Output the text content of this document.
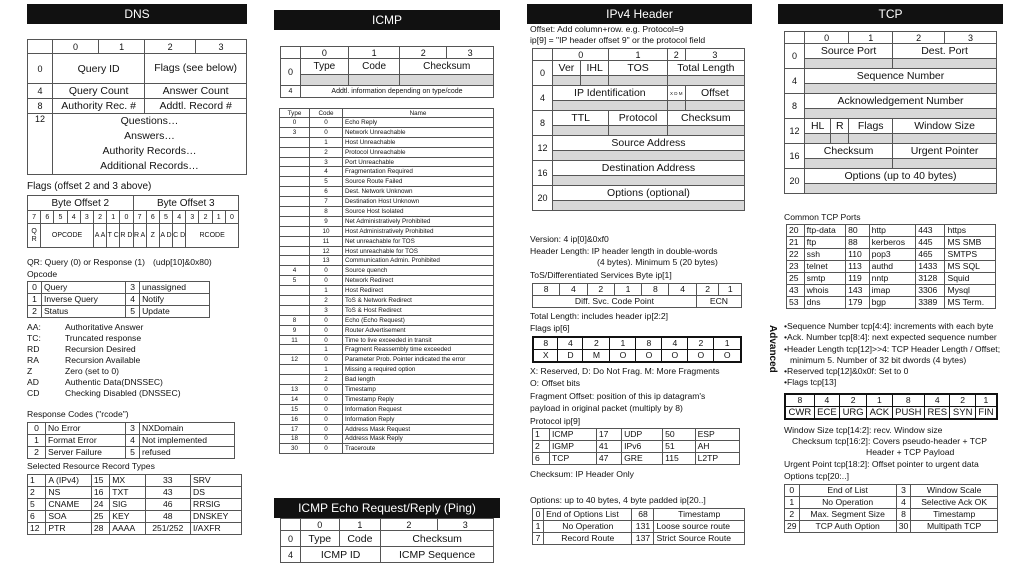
DNS
	0	1	2	3
0	Query ID		Flags (see below)	
4	Query Count		Answer Count	
8	Authority Rec. #		Addtl. Record #	
12	Questions…
Answers…
Authority Records…
Additional Records…			
Flags (offset 2 and 3 above)
Byte Offset 2								Byte Offset 3							
7	6	5	4	3	2	1	0	7	6	5	4	3	2	1	0
Q R	OPCODE				A A	T C	R D	R A	Z	A D	C D	RCODE			
QR: Query (0) or Response (1) (udp[10]&0x80)
Opcode
0	Query	3	unassigned
1	Inverse Query	4	Notify
2	Status	5	Update
AA:	Authoritative Answer
TC:	Truncated response
RD	Recursion Desired
RA	Recursion Available
Z	Zero (set to 0)
AD	Authentic Data(DNSSEC)
CD	Checking Disabled (DNSSEC)
Response Codes ("rcode")
0	No Error	3	NXDomain
1	Format Error	4	Not implemented
2	Server Failure	5	refused
Selected Resource Record Types
1	A (IPv4)	15	MX	33	SRV
2	NS	16	TXT	43	DS
5	CNAME	24	SIG	46	RRSIG
6	SOA	25	KEY	48	DNSKEY
12	PTR	28	AAAA	251/252	I/AXFR
ICMP
	0	1	2	3
0	Type	Code	Checksum	

4	Addtl. information depending on type/code			
Type	Code	Name
0	0	Echo Reply
3	0	Network Unreachable
	1	Host Unreachable
	2	Protocol Unreachable
	3	Port Unreachable
	4	Fragmentation Required
	5	Source Route Failed
	6	Dest. Network Unknown
	7	Destination Host Unknown
	8	Source Host Isolated
	9	Net Administratively Prohibited
	10	Host Administratively Prohibited
	11	Net unreachable for TOS
	12	Host unreachable for TOS
	13	Communication Admin. Prohibited
4	0	Source quench
5	0	Network Redirect
	1	Host Redirect
	2	ToS & Network Redirect
	3	ToS & Host Redirect
8	0	Echo (Echo Request)
9	0	Router Advertisement
11	0	Time to live exceeded in transit
	1	Fragment Reassembly time exceeded
12	0	Parameter Prob. Pointer indicated the error
	1	Missing a required option
	2	Bad length
13	0	Timestamp
14	0	Timestamp Reply
15	0	Information Request
16	0	Information Reply
17	0	Address Mask Request
18	0	Address Mask Reply
30	0	Traceroute
ICMP Echo Request/Reply (Ping)
	0	1	2	3
0	Type	Code	Checksum	
4	ICMP ID		ICMP Sequence	
IPv4 Header
Offset: Add column+row. e.g. Protocol=9
ip[9] = "IP header offset 9" or the protocol field
	0		1	2	3
0	Ver	IHL	TOS	Total Length	

4	IP Identification			X D M	Offset

8	TTL		Protocol	Checksum	

12	Source Address				

16	Destination Address				

20	Options (optional)				

Version: 4 ip[0]&0xf0
Header Length: IP header length in double-words
(4 bytes). Minimum 5 (20 bytes)
ToS/Differentiated Services Byte ip[1]
8	4	2	1	8	4	2	1
Diff. Svc. Code Point						ECN	
Total Length: includes header ip[2:2]
Flags ip[6]
8	4	2	1	8	4	2	1
X	D	M	O	O	O	O	O
X: Reserved, D: Do Not Frag. M: More Fragments
O: Offset bits
Fragment Offset: position of this ip datagram's
payload in original packet (multiply by 8)
Protocol ip[9]
1	ICMP	17	UDP	50	ESP
2	IGMP	41	IPv6	51	AH
6	TCP	47	GRE	115	L2TP
Checksum: IP Header Only
Options: up to 40 bytes, 4 byte padded ip[20..]
0	End of Options List	68	Timestamp
1	No Operation	131	Loose source route
7	Record Route	137	Strict Source Route
TCP
	0		1	2	3
0	Source Port			Dest. Port	

4	Sequence Number				

8	Acknowledgement Number				

12	HL	R	Flags	Window Size	

16	Checksum			Urgent Pointer	

20	Options (up to 40 bytes)				

Common TCP Ports
20	ftp-data	80	http	443	https
21	ftp	88	kerberos	445	MS SMB
22	ssh	110	pop3	465	SMTPS
23	telnet	113	authd	1433	MS SQL
25	smtp	119	nntp	3128	Squid
43	whois	143	imap	3306	Mysql
53	dns	179	bgp	3389	MS Term.
Advanced •Sequence Number tcp[4:4]: increments with each byte
•Ack. Number tcp[8:4]: next expected sequence number
•Header Length tcp[12]>>4: TCP Header Length / Offset;
minimum 5. Number of 32 bit dwords (4 bytes)
•Reserved tcp[12]&0x0f: Set to 0
•Flags tcp[13]
8	4	2	1	8	4	2	1
CWR	ECE	URG	ACK	PUSH	RES	SYN	FIN
Window Size tcp[14:2]: recv. Window size
Checksum tcp[16:2]: Covers pseudo-header + TCP
Header + TCP Payload
Urgent Point tcp[18:2]: Offset pointer to urgent data
Options tcp[20:..]
0	End of List	3	Window Scale
1	No Operation	4	Selective Ack OK
2	Max. Segment Size	8	Timestamp
29	TCP Auth Option	30	Multipath TCP
